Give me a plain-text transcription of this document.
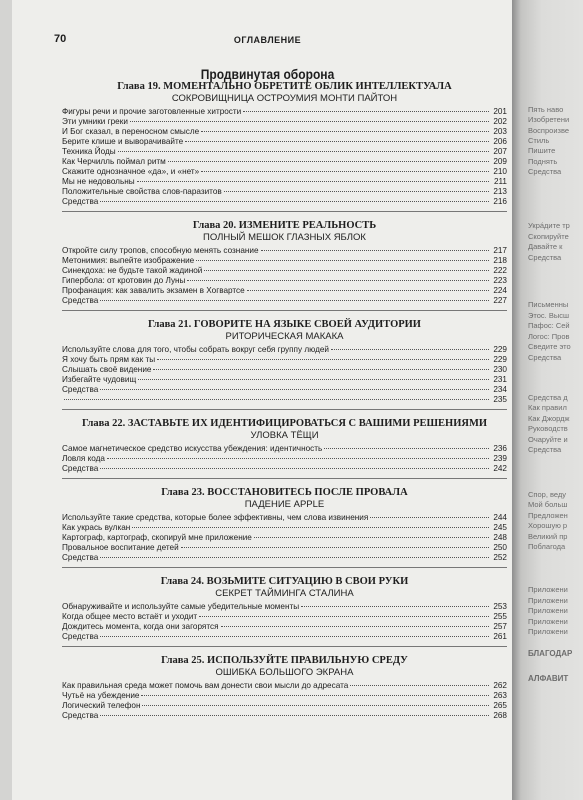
70	ОГЛАВЛЕНИЕ
Продвинутая оборона
Глава 19. МОМЕНТАЛЬНО ОБРЕТИТЕ ОБЛИК ИНТЕЛЛЕКТУАЛА
СОКРОВИЩНИЦА ОСТРОУМИЯ МОНТИ ПАЙТОН
Фигуры речи и прочие заготовленные хитрости	201
Эти умники греки	202
И Бог сказал, в переносном смысле	203
Берите клише и выворачивайте	206
Техника Йоды	207
Как Черчилль поймал ритм	209
Скажите однозначное «да», и «нет»	210
Мы не недовольны	211
Положительные свойства слов-паразитов	213
Средства	216
Глава 20. ИЗМЕНИТЕ РЕАЛЬНОСТЬ
ПОЛНЫЙ МЕШОК ГЛАЗНЫХ ЯБЛОК
Откройте силу тропов, способную менять сознание	217
Метонимия: выпейте изображение	218
Синекдоха: не будьте такой жадиной	222
Гипербола: от кротовин до Луны	223
Профанация: как завалить экзамен в Хогвартсе	224
Средства	227
Глава 21. ГОВОРИТЕ НА ЯЗЫКЕ СВОЕЙ АУДИТОРИИ
РИТОРИЧЕСКАЯ МАКАКА
Используйте слова для того, чтобы собрать вокруг себя группу людей	229
Я хочу быть прям как ты	229
Слышать своё видение	230
Избегайте чудовищ	231
Средства	234
235
Глава 22. ЗАСТАВЬТЕ ИХ ИДЕНТИФИЦИРОВАТЬСЯ С ВАШИМИ РЕШЕНИЯМИ
УЛОВКА ТЁЩИ
Самое магнетическое средство искусства убеждения: идентичность	236
Ловля кода	239
Средства	242
Глава 23. ВОССТАНОВИТЕСЬ ПОСЛЕ ПРОВАЛА
ПАДЕНИЕ APPLE
Используйте такие средства, которые более эффективны, чем слова извинения	244
Как укрась вулкан	245
Картограф, картограф, скопируй мне приложение	248
Провальное воспитание детей	250
Средства	252
Глава 24. ВОЗЬМИТЕ СИТУАЦИЮ В СВОИ РУКИ
СЕКРЕТ ТАЙМИНГА СТАЛИНА
Обнаруживайте и используйте самые убедительные моменты	253
Когда общее место встаёт и уходит	255
Дождитесь момента, когда они загорятся	257
Средства	261
Глава 25. ИСПОЛЬЗУЙТЕ ПРАВИЛЬНУЮ СРЕДУ
ОШИБКА БОЛЬШОГО ЭКРАНА
Как правильная среда может помочь вам донести свои мысли до адресата	262
Чутьё на убеждение	263
Логический телефон	265
Средства	268
Пять наво
Изобретени
Воспроизве
Стиль
Пишите
Поднять
Средства
Укрáдите тр
Скопируйте
Давайте к
Средства
Письменны
Этос. Высш
Пафос: Сей
Логос: Пров
Сведите это
Средства
Средства д
Как правил
Как Джордж
Руководств
Очаруйте и
Средства
Спор, веду
Мой больш
Предложен
Хорошую р
Великий пр
Поблагода
Приложени
Приложени
Приложени
Приложени
Приложени
БЛАГОДАР
АЛФАВИТ
